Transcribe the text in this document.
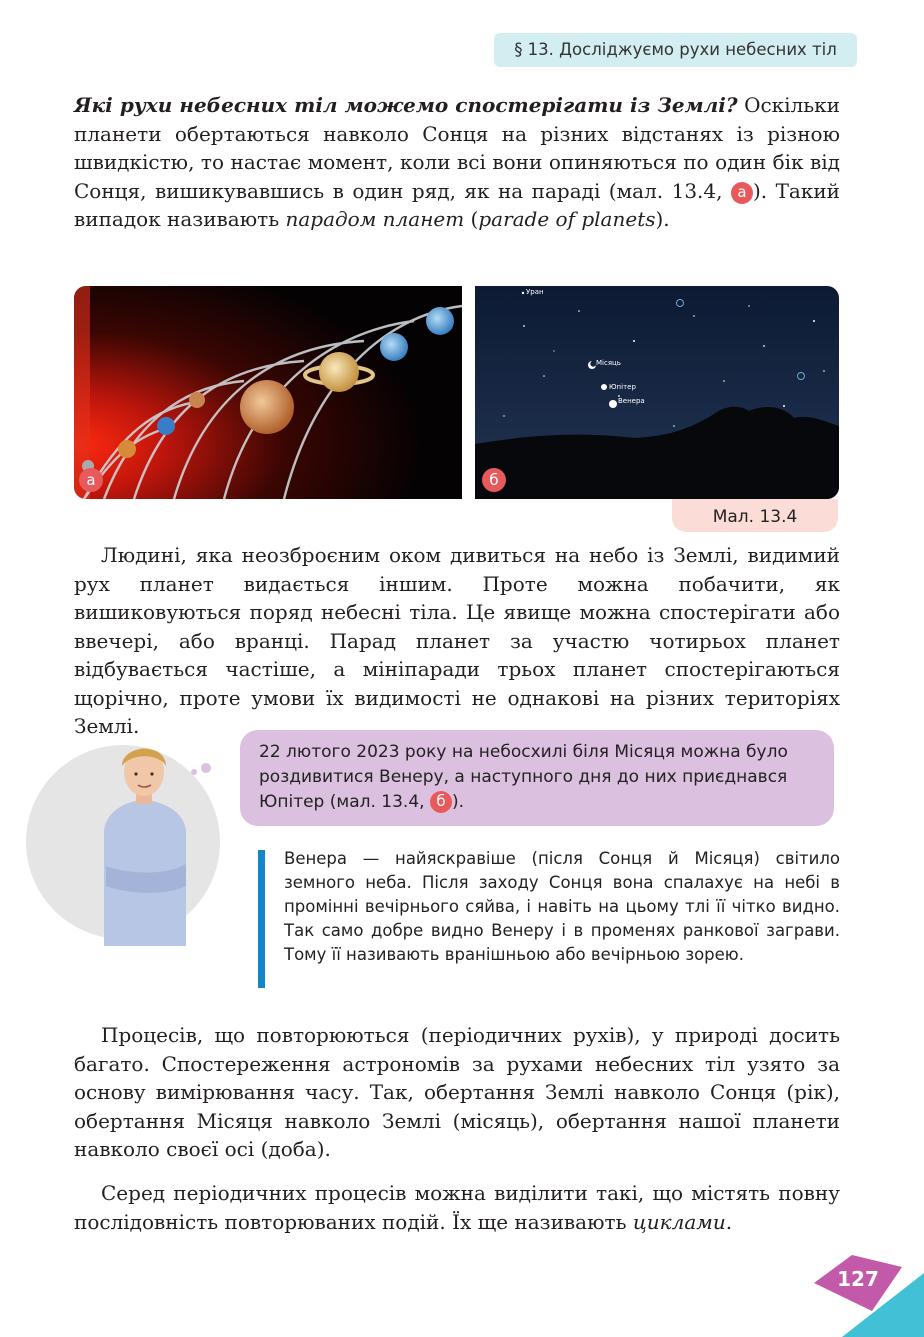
§ 13. Досліджуємо рухи небесних тіл

Які рухи небесних тіл можемо спостерігати із Землі? Оскільки планети обертаються навколо Сонця на різних відстанях із різною швидкістю, то настає момент, коли всі вони опиняються по один бік від Сонця, вишикувавшись в один ряд, як на параді (мал. 13.4, а ). Такий випадок називають парадом планет (parade of planets).

Уран
Місяць
Юпітер
Венера
а	б
Мал. 13.4

Людині, яка неозброєним оком дивиться на небо із Землі, видимий рух планет видається іншим. Проте можна побачити, як вишиковуються поряд небесні тіла. Це явище можна спостерігати або ввечері, або вранці. Парад планет за участю чотирьох планет відбувається частіше, а мініпаради трьох планет спостерігаються щорічно, проте умови їх видимості не однакові на різних територіях Землі.

22 лютого 2023 року на небосхилі біля Місяця можна було роздивитися Венеру, а наступного дня до них приєднався Юпітер (мал. 13.4, б ).

Венера — найяскравіше (після Сонця й Місяця) світило земного неба. Після заходу Сонця вона спалахує на небі в промінні вечірнього сяйва, і навіть на цьому тлі її чітко видно. Так само добре видно Венеру і в променях ранкової заграви. Тому її називають вранішньою або вечірньою зорею.

Процесів, що повторюються (періодичних рухів), у природі досить багато. Спостереження астрономів за рухами небесних тіл узято за основу вимірювання часу. Так, обертання Землі навколо Сонця (рік), обертання Місяця навколо Землі (місяць), обертання нашої планети навколо своєї осі (доба).

Серед періодичних процесів можна виділити такі, що містять повну послідовність повторюваних подій. Їх ще називають циклами.

127
